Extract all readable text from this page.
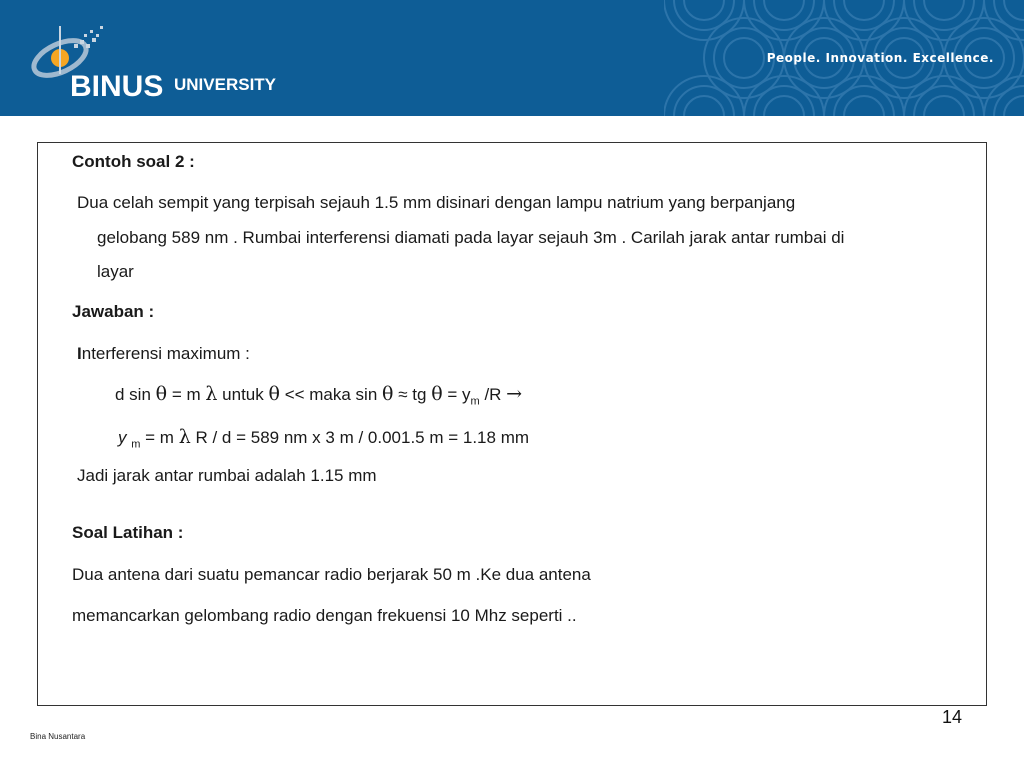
BINUS UNIVERSITY
People. Innovation. Excellence.
Contoh soal 2 :
Dua celah sempit yang terpisah sejauh 1.5 mm disinari dengan lampu natrium yang berpanjang
gelobang 589 nm . Rumbai interferensi diamati pada layar sejauh 3m . Carilah jarak antar rumbai di
layar
Jawaban :
Interferensi maximum :
d sin θ = m λ untuk θ << maka sin θ ≈ tg $\theta = y_m$ /R →
y $_m$ = m λ R / d = 589 nm x 3 m / 0.001.5 m = 1.18 mm
Jadi jarak antar rumbai adalah 1.15 mm
Soal Latihan :
Dua antena dari suatu pemancar radio berjarak 50 m .Ke dua antena
memancarkan gelombang radio dengan frekuensi 10 Mhz seperti ..
14
Bina Nusantara
